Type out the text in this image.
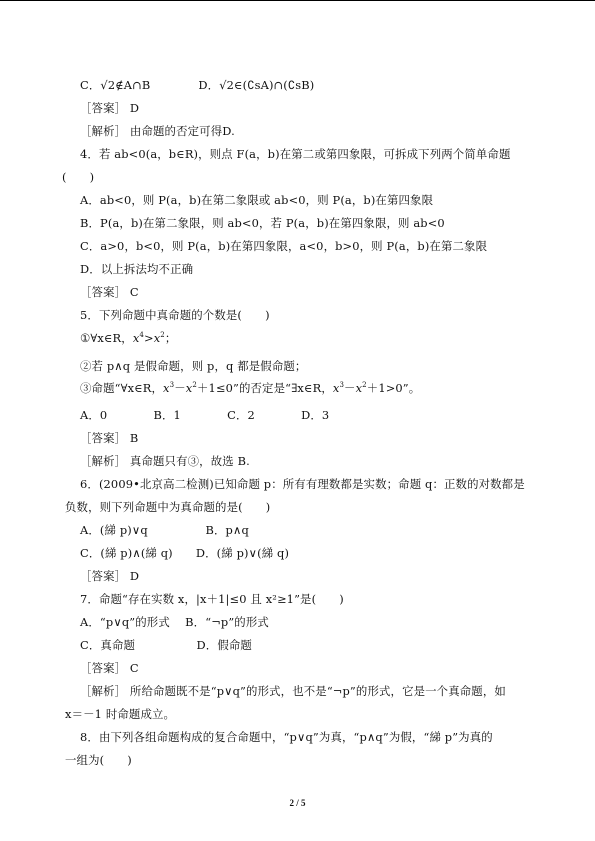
C．√2∉A∩B	D．√2∈(∁sA)∩(∁sB)
［答案］ D
［解析］ 由命题的否定可得D.
4．若 ab<0(a，b∈R)，则点 F(a，b)在第二或第四象限，可拆成下列两个简单命题
(　　)
A．ab<0，则 P(a，b)在第二象限或 ab<0，则 P(a，b)在第四象限
B．P(a，b)在第二象限，则 ab<0，若 P(a，b)在第四象限，则 ab<0
C．a>0，b<0，则 P(a，b)在第四象限，a<0，b>0，则 P(a，b)在第二象限
D．以上拆法均不正确
［答案］ C
5．下列命题中真命题的个数是(　　)
①∀x∈R，$x^4>x^2$；
②若 p∧q 是假命题，则 p，q 都是假命题；
③命题“∀x∈R，$x^3-x^2+1\le 0$”的否定是“∃x∈R，$x^3-x^2+1>0$”。
A．0　　　　B．1　　　　C．2　　　　D．3
［答案］ B
［解析］ 真命题只有③，故选 B.
6．(2009•北京高二检测)已知命题 p：所有有理数都是实数；命题 q：正数的对数都是
负数，则下列命题中为真命题的是(　　)
A．(綈 p)∨q　　　　　B．p∧q
C．(綈 p)∧(綈 q)　　D．(綈 p)∨(綈 q)
［答案］ D
7．命题“存在实数 x，|x＋1|≤0 且 x²≥1”是(　　)
A．“p∨q”的形式　 B．“¬p”的形式
C．真命题　　　　　 D．假命题
［答案］ C
［解析］ 所给命题既不是“p∨q”的形式，也不是“¬p”的形式，它是一个真命题，如
x＝－1 时命题成立。
8．由下列各组命题构成的复合命题中，“p∨q”为真，“p∧q”为假，“綈 p”为真的
一组为(　　)
2 / 5
